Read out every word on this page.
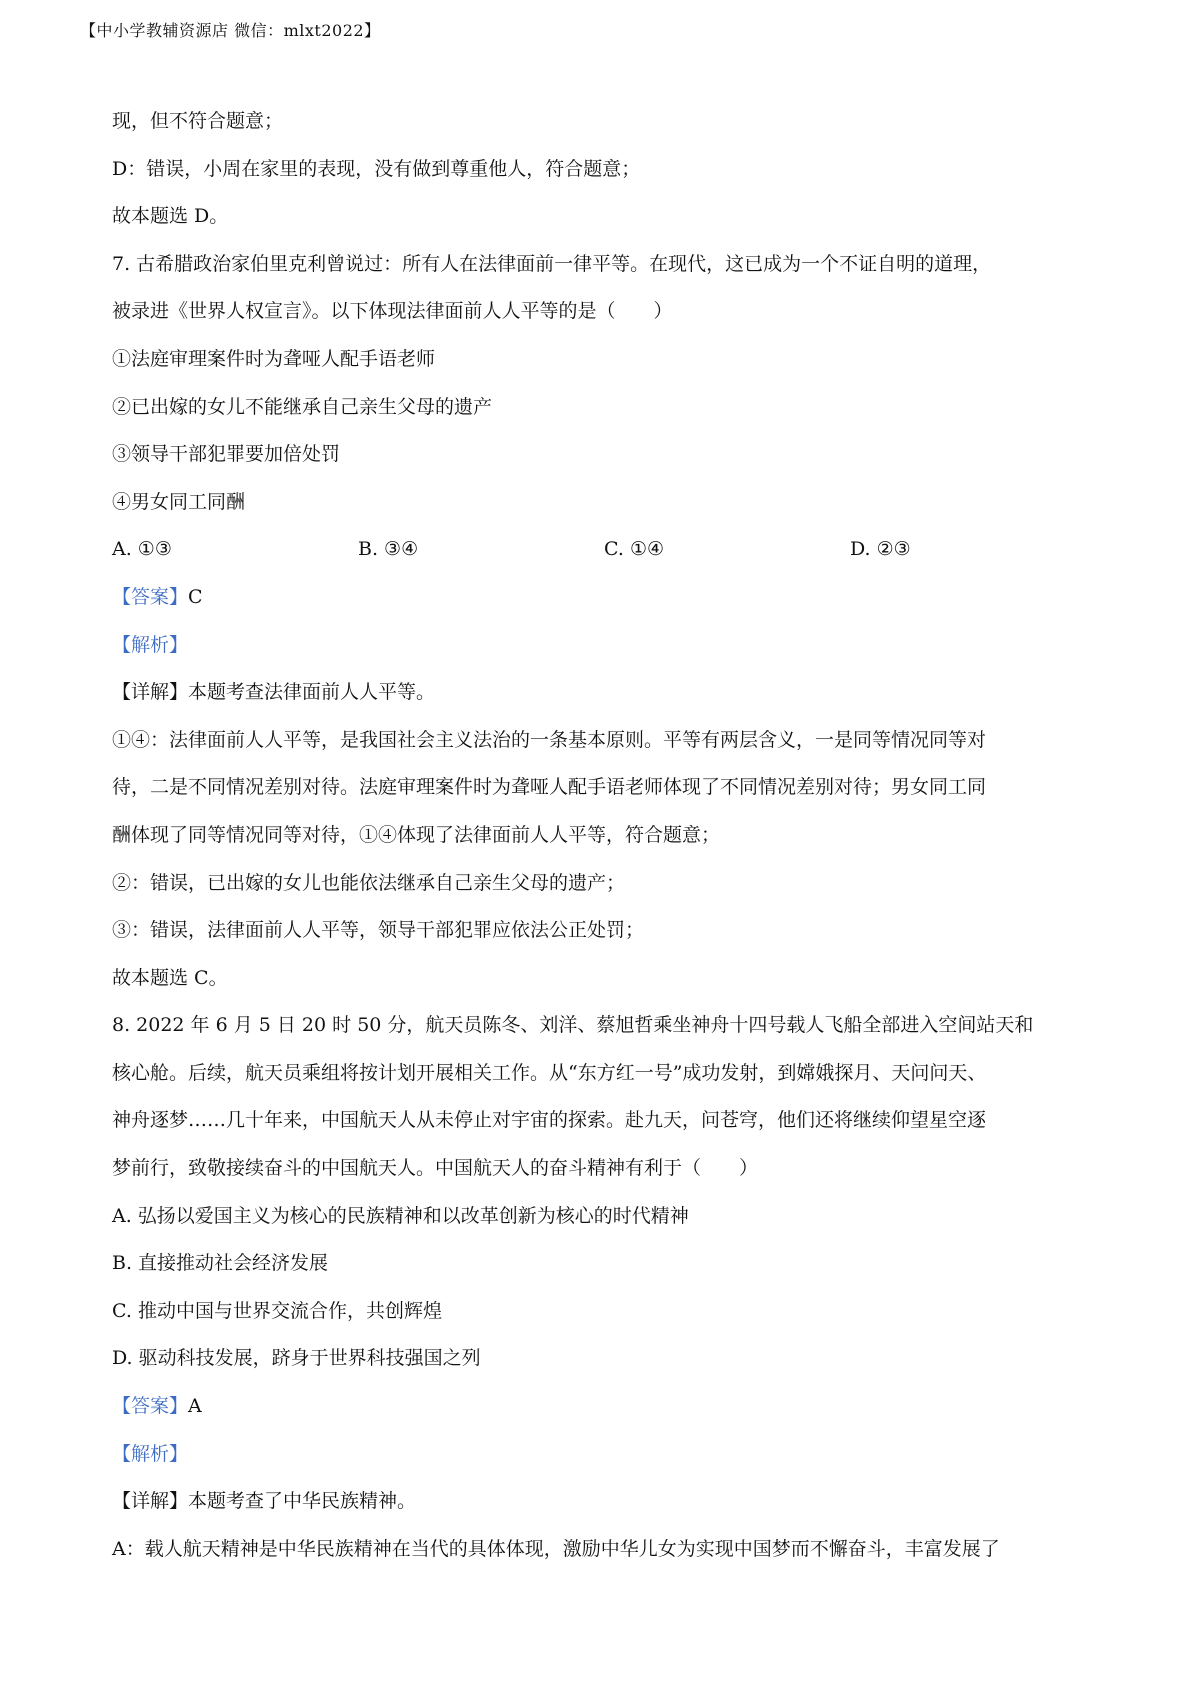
【中小学教辅资源店 微信：mlxt2022】
现，但不符合题意；
D：错误，小周在家里的表现，没有做到尊重他人，符合题意；
故本题选 D。
7. 古希腊政治家伯里克利曾说过：所有人在法律面前一律平等。在现代，这已成为一个不证自明的道理，
被录进《世界人权宣言》。以下体现法律面前人人平等的是（　　）
①法庭审理案件时为聋哑人配手语老师
②已出嫁的女儿不能继承自己亲生父母的遗产
③领导干部犯罪要加倍处罚
④男女同工同酬
A. ①③	B. ③④	C. ①④	D. ②③
【答案】C
【解析】
【详解】本题考查法律面前人人平等。
①④：法律面前人人平等，是我国社会主义法治的一条基本原则。平等有两层含义，一是同等情况同等对
待，二是不同情况差别对待。法庭审理案件时为聋哑人配手语老师体现了不同情况差别对待；男女同工同
酬体现了同等情况同等对待，①④体现了法律面前人人平等，符合题意；
②：错误，已出嫁的女儿也能依法继承自己亲生父母的遗产；
③：错误，法律面前人人平等，领导干部犯罪应依法公正处罚；
故本题选 C。
8. 2022 年 6 月 5 日 20 时 50 分，航天员陈冬、刘洋、蔡旭哲乘坐神舟十四号载人飞船全部进入空间站天和
核心舱。后续，航天员乘组将按计划开展相关工作。从“东方红一号”成功发射，到嫦娥探月、天问问天、
神舟逐梦……几十年来，中国航天人从未停止对宇宙的探索。赴九天，问苍穹，他们还将继续仰望星空逐
梦前行，致敬接续奋斗的中国航天人。中国航天人的奋斗精神有利于（　　）
A. 弘扬以爱国主义为核心的民族精神和以改革创新为核心的时代精神
B. 直接推动社会经济发展
C. 推动中国与世界交流合作，共创辉煌
D. 驱动科技发展，跻身于世界科技强国之列
【答案】A
【解析】
【详解】本题考查了中华民族精神。
A：载人航天精神是中华民族精神在当代的具体体现，激励中华儿女为实现中国梦而不懈奋斗，丰富发展了
